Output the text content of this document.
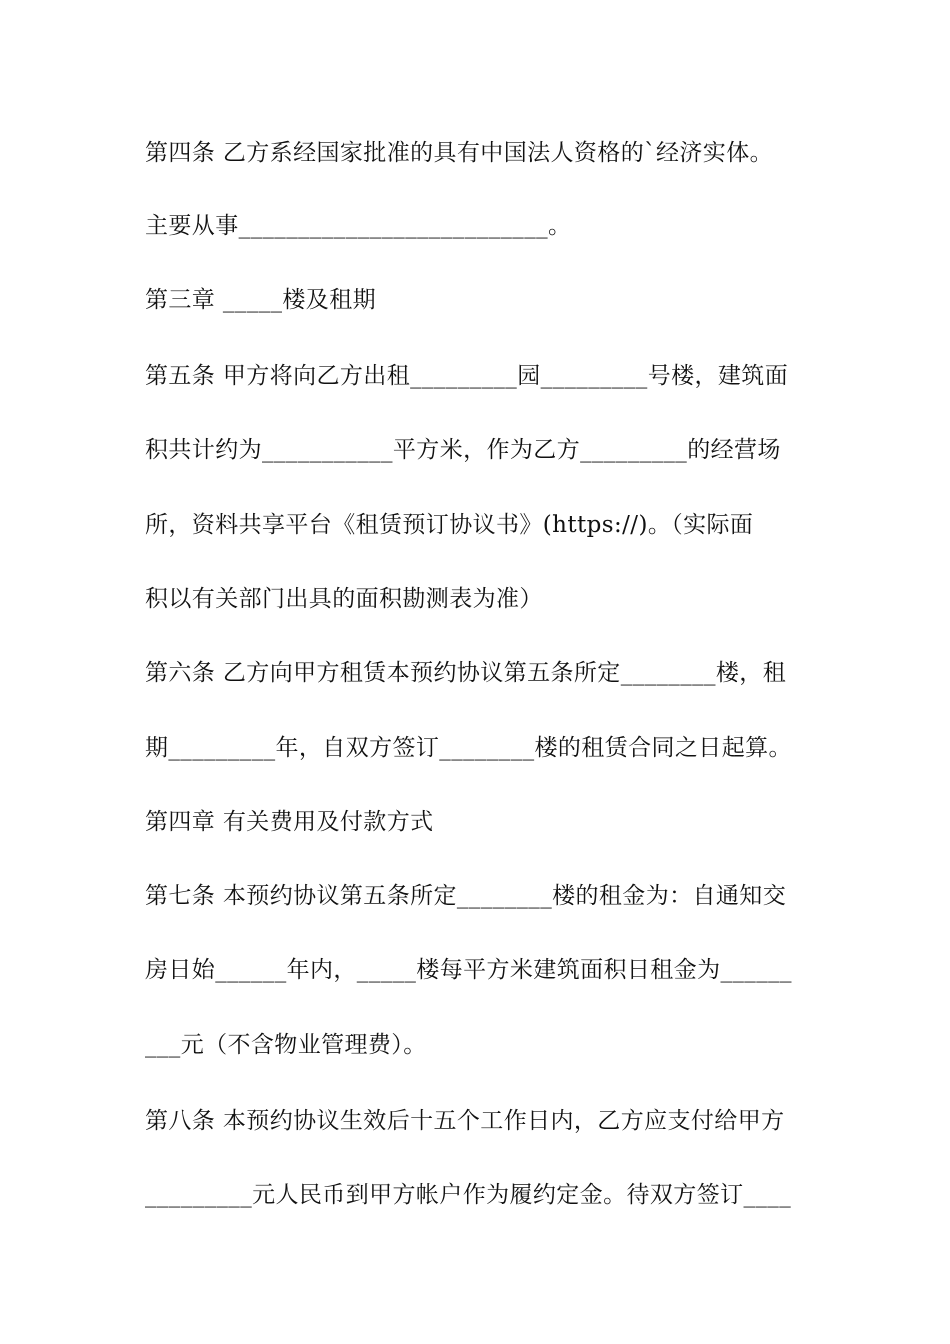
第四条 乙方系经国家批准的具有中国法人资格的`经济实体。

主要从事__________________________。

第三章 _____楼及租期

第五条 甲方将向乙方出租_________园_________号楼，建筑面

积共计约为___________平方米，作为乙方_________的经营场

所，资料共享平台《租赁预订协议书》(https://)。（实际面

积以有关部门出具的面积勘测表为准）

第六条 乙方向甲方租赁本预约协议第五条所定________楼，租

期_________年，自双方签订________楼的租赁合同之日起算。

第四章 有关费用及付款方式

第七条 本预约协议第五条所定________楼的租金为：自通知交

房日始______年内，_____楼每平方米建筑面积日租金为______

___元（不含物业管理费）。

第八条 本预约协议生效后十五个工作日内，乙方应支付给甲方

_________元人民币到甲方帐户作为履约定金。待双方签订____
